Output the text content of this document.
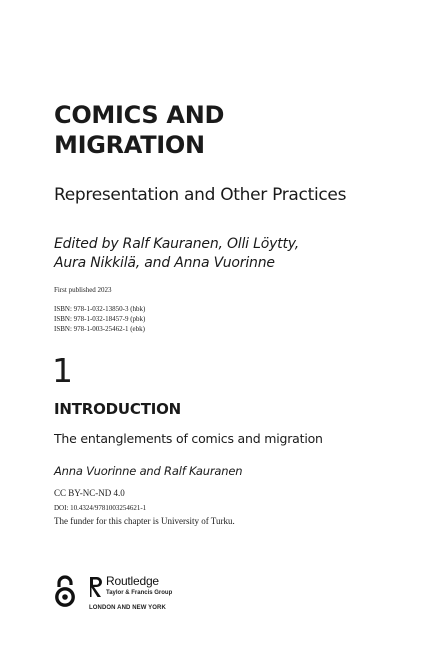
COMICS AND
MIGRATION
Representation and Other Practices
Edited by Ralf Kauranen, Olli Löytty,
Aura Nikkilä, and Anna Vuorinne
First published 2023
ISBN: 978-1-032-13850-3 (hbk)
ISBN: 978-1-032-18457-9 (pbk)
ISBN: 978-1-003-25462-1 (ebk)
1
INTRODUCTION
The entanglements of comics and migration
Anna Vuorinne and Ralf Kauranen
CC BY-NC-ND 4.0
DOI: 10.4324/9781003254621-1
The funder for this chapter is University of Turku.
Routledge
Taylor & Francis Group
LONDON AND NEW YORK
